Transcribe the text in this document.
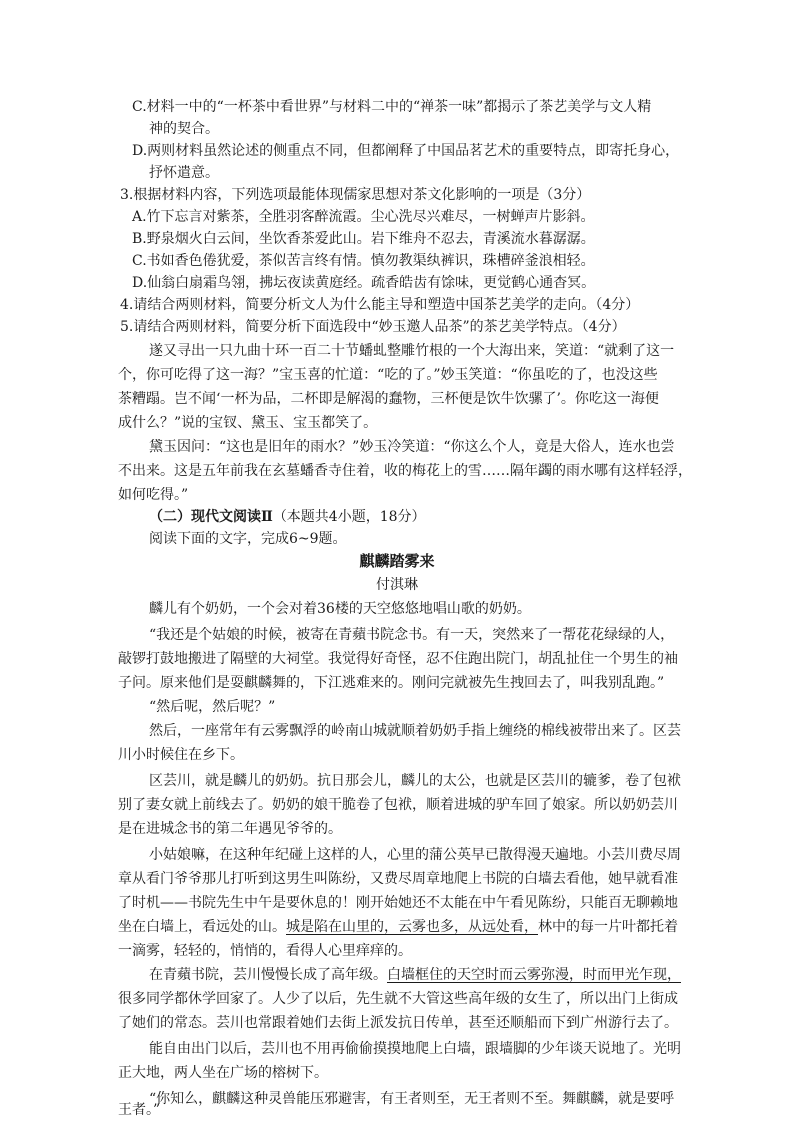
C.材料一中的“一杯茶中看世界”与材料二中的“禅茶一味”都揭示了茶艺美学与文人精
神的契合。
D.两则材料虽然论述的侧重点不同，但都阐释了中国品茗艺术的重要特点，即寄托身心，
抒怀遣意。
3.根据材料内容，下列选项最能体现儒家思想对茶文化影响的一项是（3分）
A.竹下忘言对紫茶，全胜羽客醉流霞。尘心洗尽兴难尽，一树蝉声片影斜。
B.野泉烟火白云间，坐饮香茶爱此山。岩下维舟不忍去，青溪流水暮潺潺。
C.书如香色倦犹爱，茶似苦言终有情。慎勿教渠纨裤识，珠槽碎釜浪相轻。
D.仙翁白扇霜鸟翎，拂坛夜读黄庭经。疏香皓齿有馀味，更觉鹤心通杳冥。
4.请结合两则材料，简要分析文人为什么能主导和塑造中国茶艺美学的走向。（4分）
5.请结合两则材料，简要分析下面选段中“妙玉邀人品茶”的茶艺美学特点。（4分）
遂又寻出一只九曲十环一百二十节蟠虬整雕竹根的一个大海出来，笑道：“就剩了这一
个，你可吃得了这一海？”宝玉喜的忙道：“吃的了。”妙玉笑道：“你虽吃的了，也没这些
茶糟蹋。岂不闻‘一杯为品，二杯即是解渴的蠢物，三杯便是饮牛饮骡了’。你吃这一海便
成什么？”说的宝钗、黛玉、宝玉都笑了。
黛玉因问：“这也是旧年的雨水？”妙玉冷笑道：“你这么个人，竟是大俗人，连水也尝
不出来。这是五年前我在玄墓蟠香寺住着，收的梅花上的雪……隔年蠲的雨水哪有这样轻浮，
如何吃得。”
（二）现代文阅读Ⅱ（本题共4小题，18分）
阅读下面的文字，完成6~9题。
麒麟踏雾来
付淇琳
麟儿有个奶奶，一个会对着36楼的天空悠悠地唱山歌的奶奶。
“我还是个姑娘的时候，被寄在青蘋书院念书。有一天，突然来了一帮花花绿绿的人，
敲锣打鼓地搬进了隔壁的大祠堂。我觉得好奇怪，忍不住跑出院门，胡乱扯住一个男生的袖
子问。原来他们是耍麒麟舞的，下江逃难来的。刚问完就被先生拽回去了，叫我别乱跑。”
“然后呢，然后呢？”
然后，一座常年有云雾飘浮的岭南山城就顺着奶奶手指上缠绕的棉线被带出来了。区芸
川小时候住在乡下。
区芸川，就是麟儿的奶奶。抗日那会儿，麟儿的太公，也就是区芸川的辘爹，卷了包袱
别了妻女就上前线去了。奶奶的娘干脆卷了包袱，顺着进城的驴车回了娘家。所以奶奶芸川
是在进城念书的第二年遇见爷爷的。
小姑娘嘛，在这种年纪碰上这样的人，心里的蒲公英早已散得漫天遍地。小芸川费尽周
章从看门爷爷那儿打听到这男生叫陈纷，又费尽周章地爬上书院的白墙去看他，她早就看准
了时机——书院先生中午是要休息的！刚开始她还不太能在中午看见陈纷，只能百无聊赖地
坐在白墙上，看远处的山。城是陷在山里的，云雾也多，从远处看，林中的每一片叶都托着
一滴雾，轻轻的，悄悄的，看得人心里痒痒的。
在青蘋书院，芸川慢慢长成了高年级。白墙框住的天空时而云雾弥漫，时而甲光乍现，
很多同学都休学回家了。人少了以后，先生就不大管这些高年级的女生了，所以出门上街成
了她们的常态。芸川也常跟着她们去街上派发抗日传单，甚至还顺船而下到广州游行去了。
能自由出门以后，芸川也不用再偷偷摸摸地爬上白墙，跟墙脚的少年谈天说地了。光明
正大地，两人坐在广场的榕树下。
“你知么，麒麟这种灵兽能压邪避害，有王者则至，无王者则不至。舞麒麟，就是要呼
王者。”
